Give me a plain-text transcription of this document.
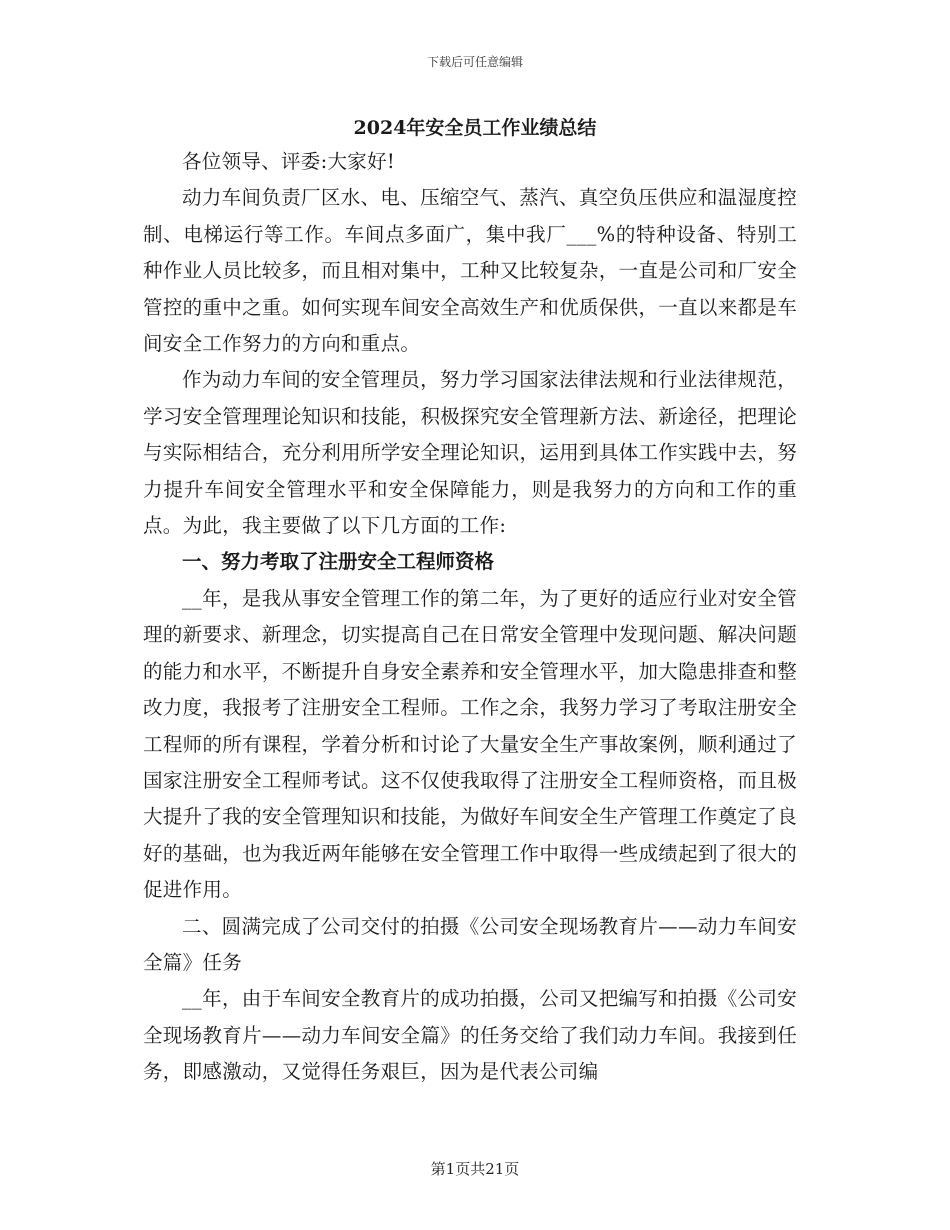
下载后可任意编辑
2024年安全员工作业绩总结

各位领导、评委:大家好!

动力车间负责厂区水、电、压缩空气、蒸汽、真空负压供应和温湿度控制、电梯运行等工作。车间点多面广，集中我厂___%的特种设备、特别工种作业人员比较多，而且相对集中，工种又比较复杂，一直是公司和厂安全管控的重中之重。如何实现车间安全高效生产和优质保供，一直以来都是车间安全工作努力的方向和重点。

作为动力车间的安全管理员，努力学习国家法律法规和行业法律规范，学习安全管理理论知识和技能，积极探究安全管理新方法、新途径，把理论与实际相结合，充分利用所学安全理论知识，运用到具体工作实践中去，努力提升车间安全管理水平和安全保障能力，则是我努力的方向和工作的重点。为此，我主要做了以下几方面的工作:

一、努力考取了注册安全工程师资格

__年，是我从事安全管理工作的第二年，为了更好的适应行业对安全管理的新要求、新理念，切实提高自己在日常安全管理中发现问题、解决问题的能力和水平，不断提升自身安全素养和安全管理水平，加大隐患排查和整改力度，我报考了注册安全工程师。工作之余，我努力学习了考取注册安全工程师的所有课程，学着分析和讨论了大量安全生产事故案例，顺利通过了国家注册安全工程师考试。这不仅使我取得了注册安全工程师资格，而且极大提升了我的安全管理知识和技能，为做好车间安全生产管理工作奠定了良好的基础，也为我近两年能够在安全管理工作中取得一些成绩起到了很大的促进作用。

二、圆满完成了公司交付的拍摄《公司安全现场教育片——动力车间安全篇》任务

__年，由于车间安全教育片的成功拍摄，公司又把编写和拍摄《公司安全现场教育片——动力车间安全篇》的任务交给了我们动力车间。我接到任务，即感激动，又觉得任务艰巨，因为是代表公司编

第1页共21页
